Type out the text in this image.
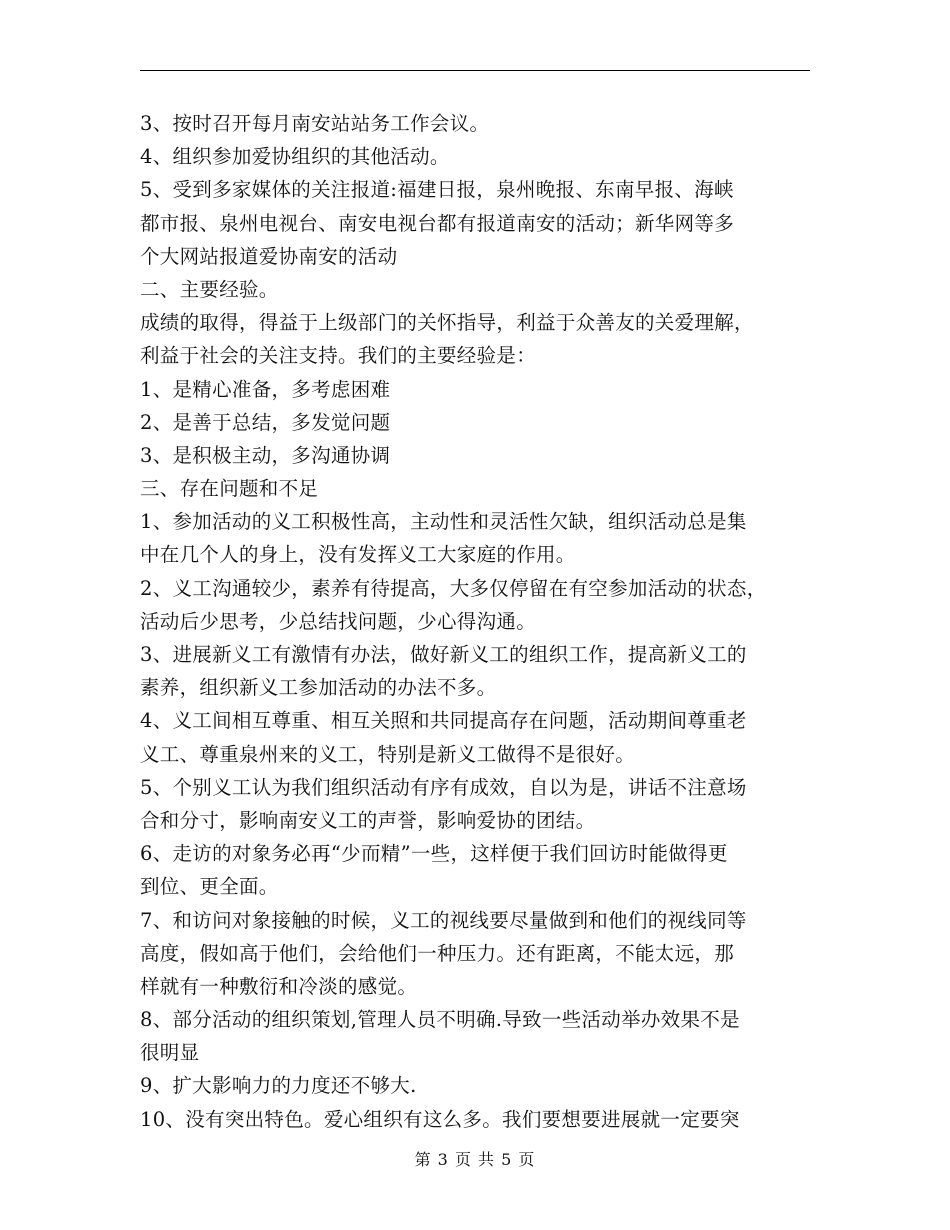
3、按时召开每月南安站站务工作会议。
4、组织参加爱协组织的其他活动。
5、受到多家媒体的关注报道:福建日报，泉州晚报、东南早报、海峡
都市报、泉州电视台、南安电视台都有报道南安的活动；新华网等多
个大网站报道爱协南安的活动
二、主要经验。
成绩的取得，得益于上级部门的关怀指导，利益于众善友的关爱理解，
利益于社会的关注支持。我们的主要经验是：
1、是精心准备，多考虑困难
2、是善于总结，多发觉问题
3、是积极主动，多沟通协调
三、存在问题和不足
1、参加活动的义工积极性高，主动性和灵活性欠缺，组织活动总是集
中在几个人的身上，没有发挥义工大家庭的作用。
2、义工沟通较少，素养有待提高，大多仅停留在有空参加活动的状态，
活动后少思考，少总结找问题，少心得沟通。
3、进展新义工有激情有办法，做好新义工的组织工作，提高新义工的
素养，组织新义工参加活动的办法不多。
4、义工间相互尊重、相互关照和共同提高存在问题，活动期间尊重老
义工、尊重泉州来的义工，特别是新义工做得不是很好。
5、个别义工认为我们组织活动有序有成效，自以为是，讲话不注意场
合和分寸，影响南安义工的声誉，影响爱协的团结。
6、走访的对象务必再“少而精”一些，这样便于我们回访时能做得更
到位、更全面。
7、和访问对象接触的时候，义工的视线要尽量做到和他们的视线同等
高度，假如高于他们，会给他们一种压力。还有距离，不能太远，那
样就有一种敷衍和冷淡的感觉。
8、部分活动的组织策划,管理人员不明确.导致一些活动举办效果不是
很明显
9、扩大影响力的力度还不够大.
10、没有突出特色。爱心组织有这么多。我们要想要进展就一定要突
第 3 页 共 5 页
